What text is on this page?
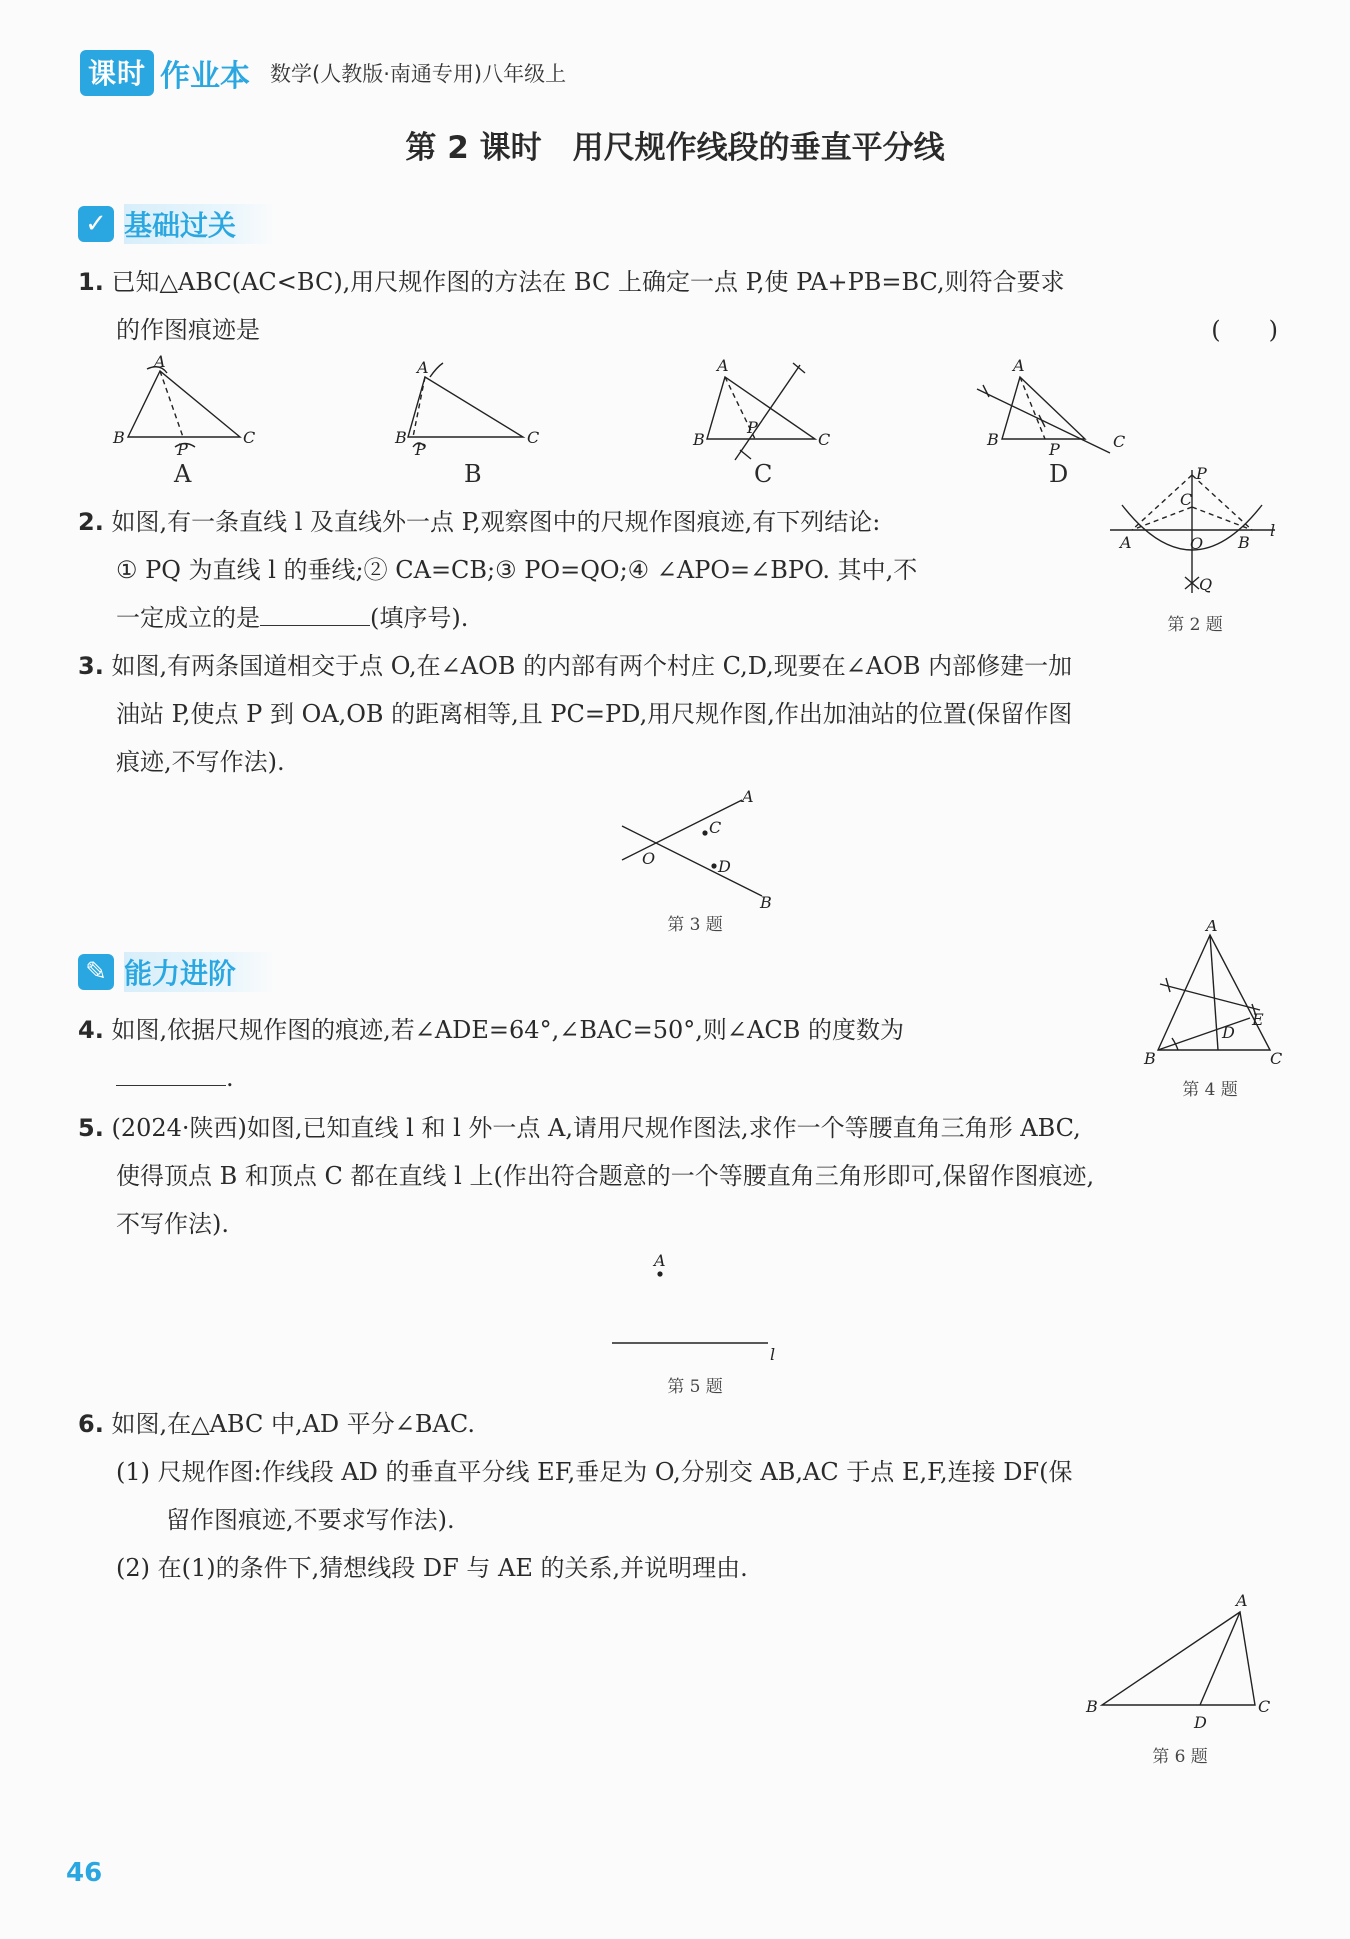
课时 作业本 数学(人教版·南通专用)八年级上
第 2 课时　用尺规作线段的垂直平分线
✓ 基础过关
1. 已知△ABC(AC<BC),用尺规作图的方法在 BC 上确定一点 P,使 PA+PB=BC,则符合要求
的作图痕迹是	(　　)
A
B	C
P
A
B	C
P
A
B	C
P
A
B	C
P
A	B	C	D
2. 如图,有一条直线 l 及直线外一点 P,观察图中的尺规作图痕迹,有下列结论:
① PQ 为直线 l 的垂线;② CA=CB;③ PO=QO;④ ∠APO=∠BPO. 其中,不
一定成立的是	(填序号).
P
C
O
A	B
Q
l
第 2 题
3. 如图,有两条国道相交于点 O,在∠AOB 的内部有两个村庄 C,D,现要在∠AOB 内部修建一加
油站 P,使点 P 到 OA,OB 的距离相等,且 PC=PD,用尺规作图,作出加油站的位置(保留作图
痕迹,不写作法).
A
B
O
C
D
第 3 题
✎ 能力进阶
4. 如图,依据尺规作图的痕迹,若∠ADE=64°,∠BAC=50°,则∠ACB 的度数为
.
A
B	C
E
D
第 4 题
5. (2024·陕西)如图,已知直线 l 和 l 外一点 A,请用尺规作图法,求作一个等腰直角三角形 ABC,
使得顶点 B 和顶点 C 都在直线 l 上(作出符合题意的一个等腰直角三角形即可,保留作图痕迹,
不写作法).
A
l
第 5 题
6. 如图,在△ABC 中,AD 平分∠BAC.
(1) 尺规作图:作线段 AD 的垂直平分线 EF,垂足为 O,分别交 AB,AC 于点 E,F,连接 DF(保
留作图痕迹,不要求写作法).
(2) 在(1)的条件下,猜想线段 DF 与 AE 的关系,并说明理由.
A
B	C
D
第 6 题
46
